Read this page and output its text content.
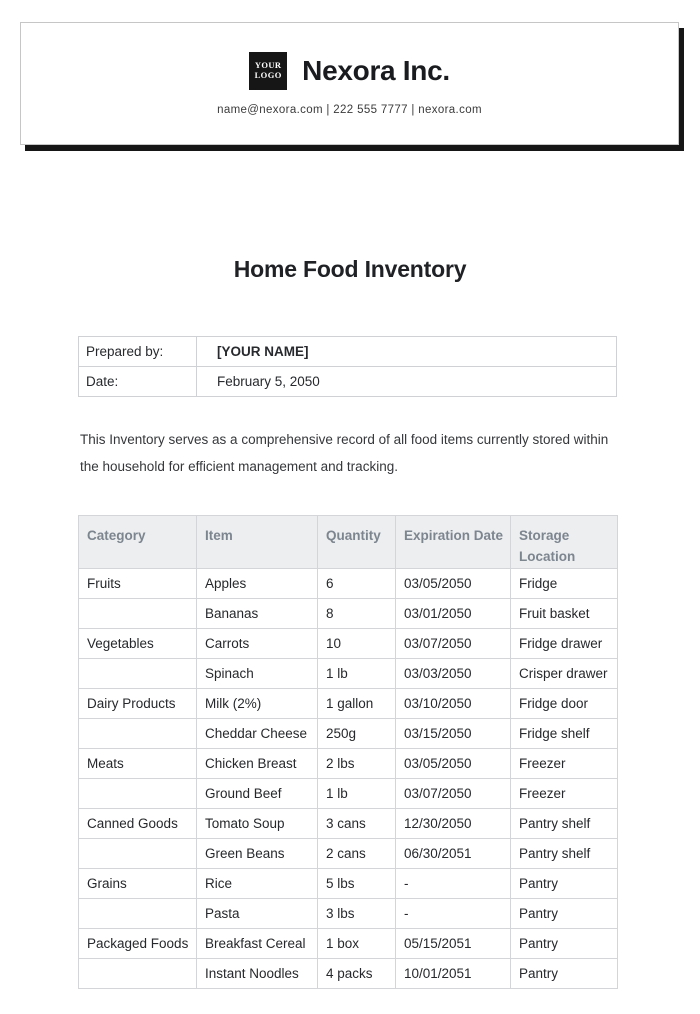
YOUR
LOGO Nexora Inc.
name@nexora.com | 222 555 7777 | nexora.com
Home Food Inventory
Prepared by:	[YOUR NAME]
Date:	February 5, 2050

This Inventory serves as a comprehensive record of all food items currently stored within the household for efficient management and tracking.

Category	Item	Quantity	Expiration Date	Storage Location
Fruits	Apples	6	03/05/2050	Fridge
	Bananas	8	03/01/2050	Fruit basket
Vegetables	Carrots	10	03/07/2050	Fridge drawer
	Spinach	1 lb	03/03/2050	Crisper drawer
Dairy Products	Milk (2%)	1 gallon	03/10/2050	Fridge door
	Cheddar Cheese	250g	03/15/2050	Fridge shelf
Meats	Chicken Breast	2 lbs	03/05/2050	Freezer
	Ground Beef	1 lb	03/07/2050	Freezer
Canned Goods	Tomato Soup	3 cans	12/30/2050	Pantry shelf
	Green Beans	2 cans	06/30/2051	Pantry shelf
Grains	Rice	5 lbs	-	Pantry
	Pasta	3 lbs	-	Pantry
Packaged Foods	Breakfast Cereal	1 box	05/15/2051	Pantry
	Instant Noodles	4 packs	10/01/2051	Pantry
